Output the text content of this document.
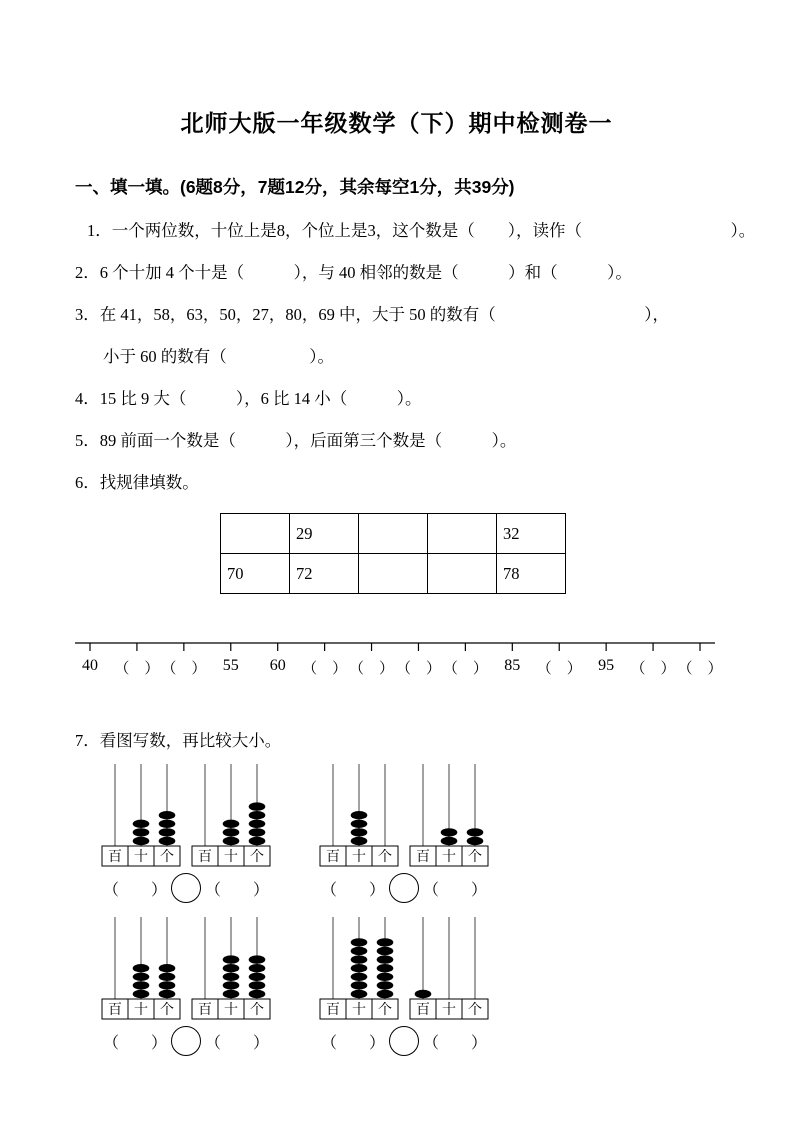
北师大版一年级数学（下）期中检测卷一
一、填一填。(6题8分，7题12分，其余每空1分，共39分)
1．一个两位数，十位上是8，个位上是3，这个数是（　　），读作（　　　　　　　　　）。
2．6 个十加 4 个十是（　　　），与 40 相邻的数是（　　　）和（　　　）。
3．在 41，58，63，50，27，80，69 中，大于 50 的数有（　　　　　　　　　），
小于 60 的数有（　　　　　）。
4．15 比 9 大（　　　），6 比 14 小（　　　）。
5．89 前面一个数是（　　　），后面第三个数是（　　　）。
6．找规律填数。
	29			32
70	72			78
40 （　） （　） 55 60 （　） （　） （　） （　） 85 （　） 95 （　） （　）
7．看图写数，再比较大小。
百 十 个 百 十 个
（　　） （　　）
百 十 个 百 十 个
（　　） （　　）
百 十 个 百 十 个
（　　） （　　）
百 十 个 百 十 个
（　　） （　　）
